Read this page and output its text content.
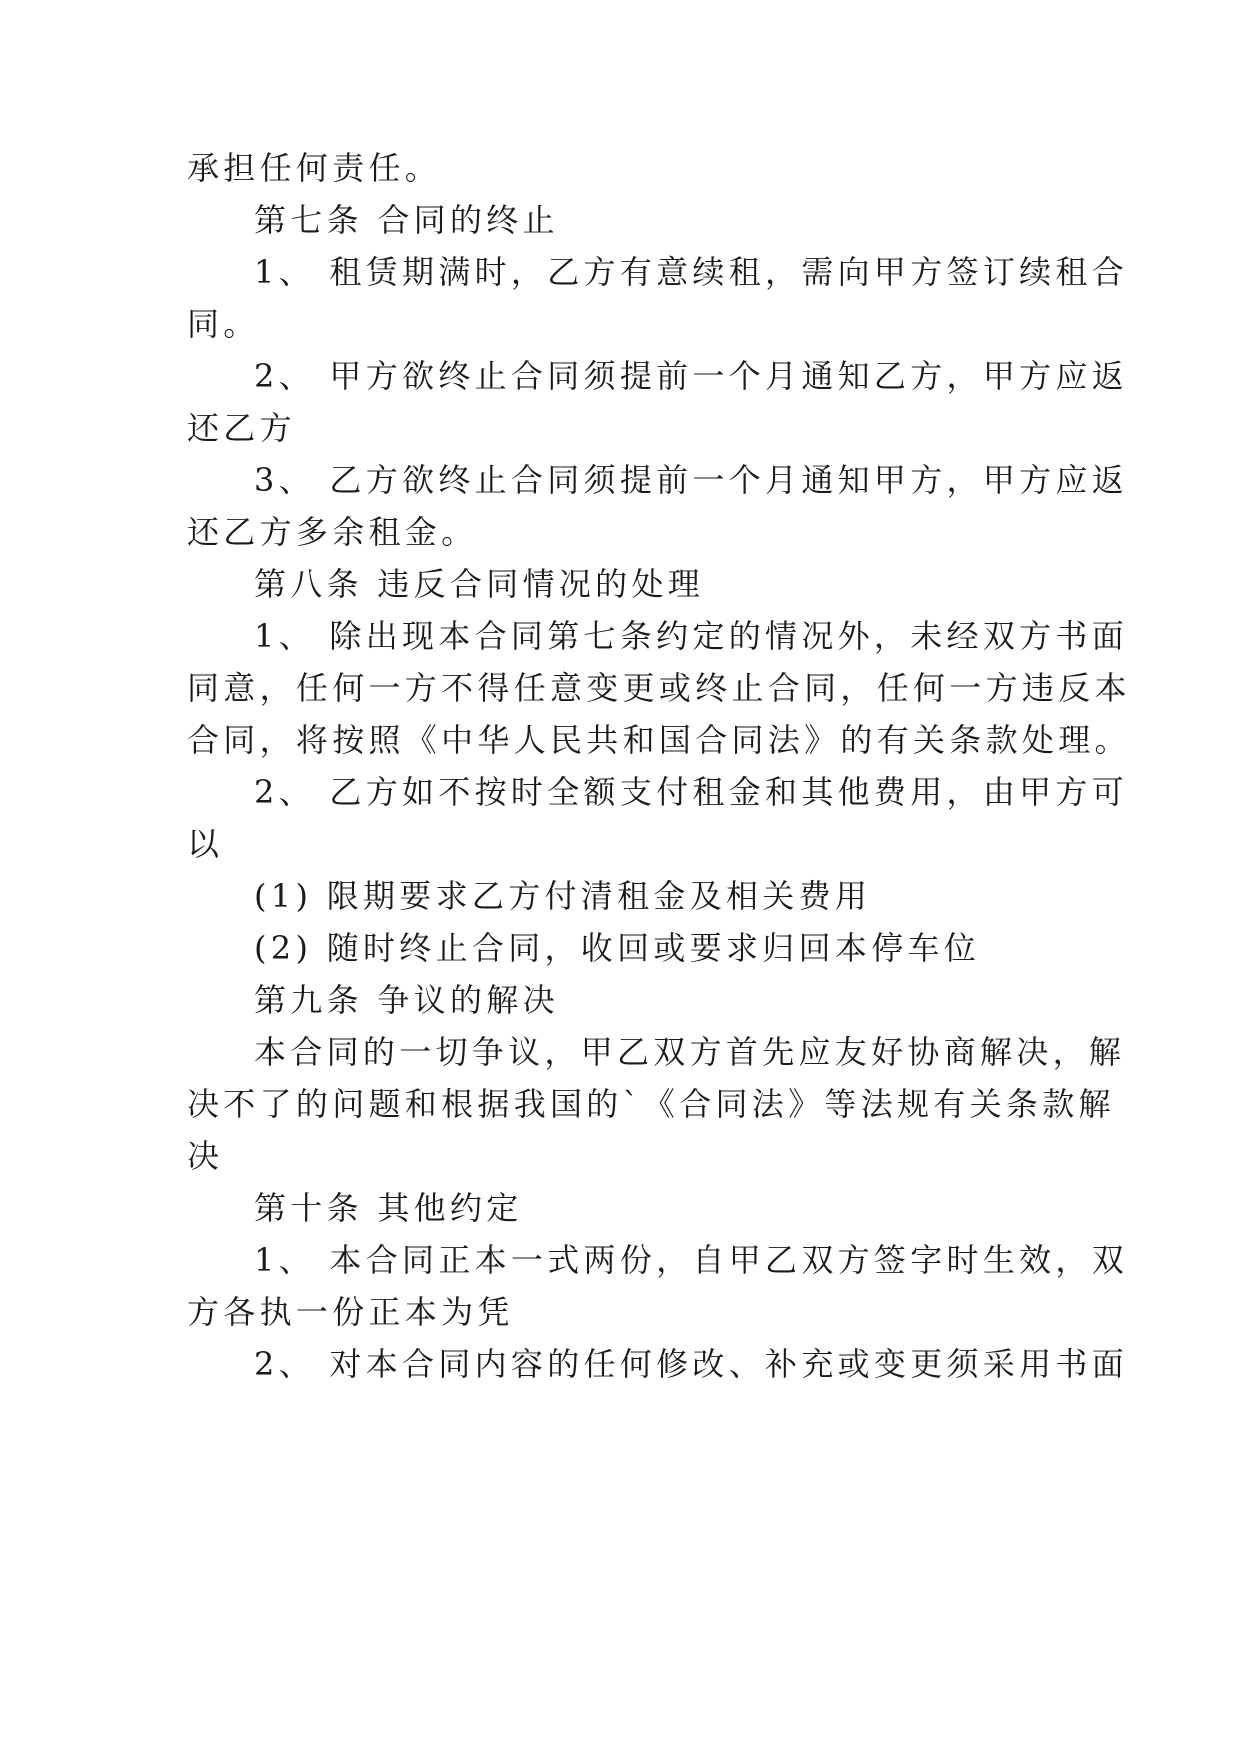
承担任何责任。
第七条 合同的终止
1、 租赁期满时，乙方有意续租，需向甲方签订续租合
同。
2、 甲方欲终止合同须提前一个月通知乙方，甲方应返
还乙方
3、 乙方欲终止合同须提前一个月通知甲方，甲方应返
还乙方多余租金。
第八条 违反合同情况的处理
1、 除出现本合同第七条约定的情况外，未经双方书面
同意，任何一方不得任意变更或终止合同，任何一方违反本
合同，将按照《中华人民共和国合同法》的有关条款处理。
2、 乙方如不按时全额支付租金和其他费用，由甲方可
以
(1) 限期要求乙方付清租金及相关费用
(2) 随时终止合同，收回或要求归回本停车位
第九条 争议的解决
本合同的一切争议，甲乙双方首先应友好协商解决，解
决不了的问题和根据我国的`《合同法》等法规有关条款解
决
第十条 其他约定
1、 本合同正本一式两份，自甲乙双方签字时生效，双
方各执一份正本为凭
2、 对本合同内容的任何修改、补充或变更须采用书面
